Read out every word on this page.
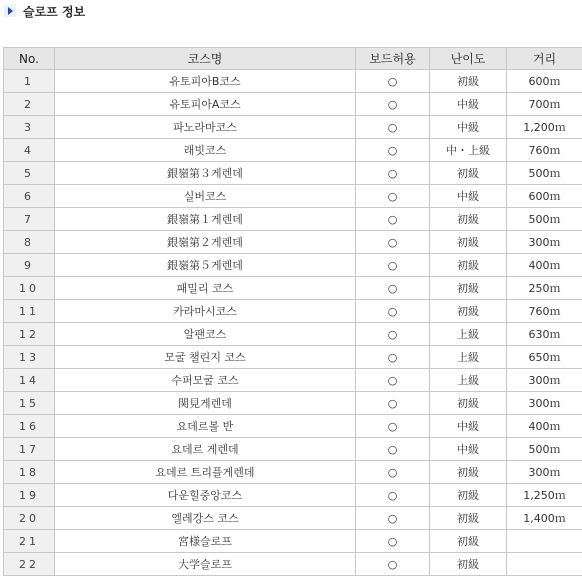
슬로프 정보
No.	코스명	보드허용	난이도	거리
1	유토피아B코스	○	初級	600ｍ
2	유토피아A코스	○	中級	700ｍ
3	파노라마코스	○	中級	1,200ｍ
4	래빗코스	○	中・上級	760ｍ
5	銀嶺第３게렌데	○	初級	500ｍ
6	실버코스	○	中級	600ｍ
7	銀嶺第１게렌데	○	初級	500ｍ
8	銀嶺第２게렌데	○	初級	300ｍ
9	銀嶺第５게렌데	○	初級	400ｍ
10	패밀리 코스	○	初級	250ｍ
11	카라마시코스	○	初級	760ｍ
12	알팬코스	○	上級	630ｍ
13	모굴 챌린지 코스	○	上級	650ｍ
14	수퍼모굴 코스	○	上級	300ｍ
15	関見게렌데	○	初級	300ｍ
16	요데르볼 반	○	中級	400ｍ
17	요데르 게렌데	○	中級	500ｍ
18	요데르 트리플게렌데	○	初級	300ｍ
19	다운힐중앙코스	○	初級	1,250ｍ
20	엘레강스 코스	○	初級	1,400ｍ
21	宮様슬로프	○	初級	
22	大学슬로프	○	初級	
